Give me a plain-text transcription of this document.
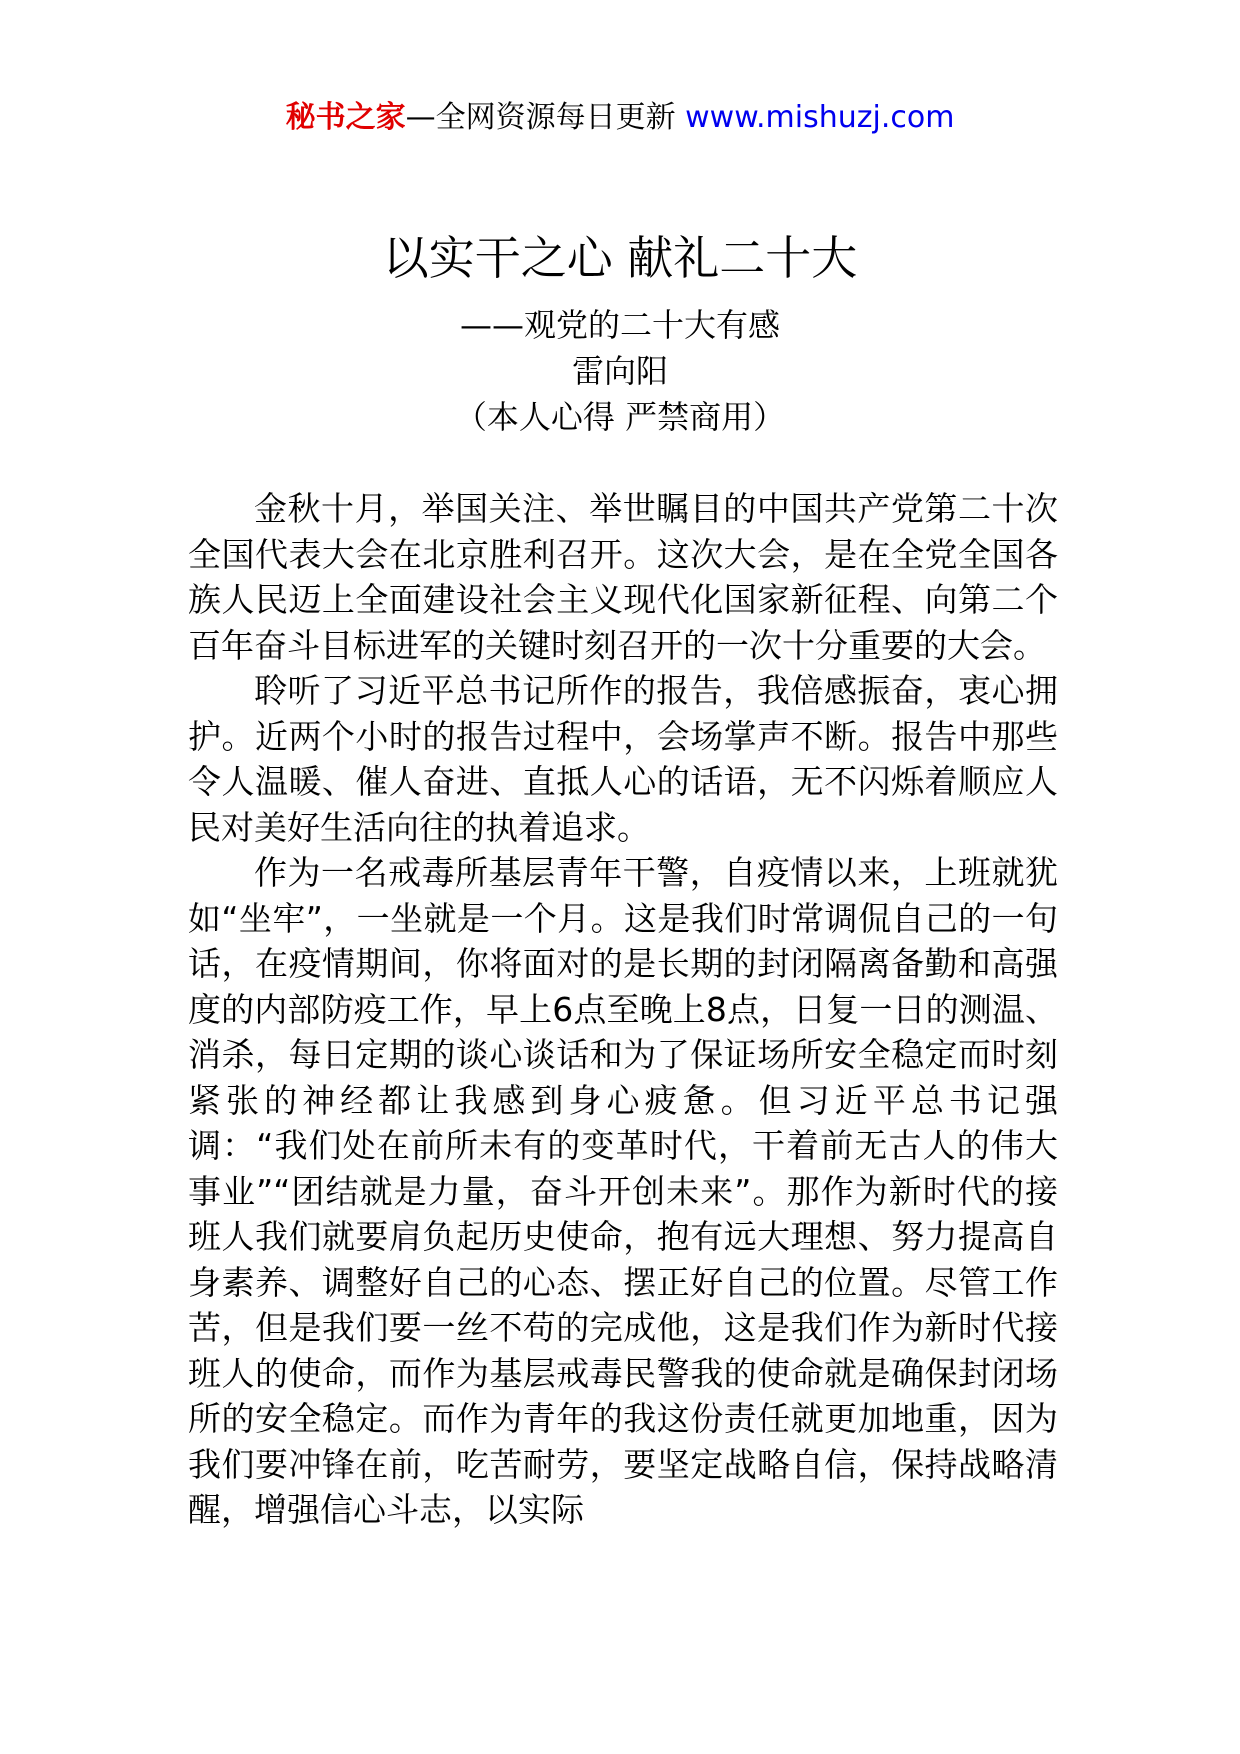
秘书之家—全网资源每日更新 www.mishuzj.com
以实干之心 献礼二十大

——观党的二十大有感

雷向阳

（本人心得 严禁商用）

金秋十月，举国关注、举世瞩目的中国共产党第二十次全国代表大会在北京胜利召开。这次大会，是在全党全国各族人民迈上全面建设社会主义现代化国家新征程、向第二个百年奋斗目标进军的关键时刻召开的一次十分重要的大会。

聆听了习近平总书记所作的报告，我倍感振奋，衷心拥护。近两个小时的报告过程中，会场掌声不断。报告中那些令人温暖、催人奋进、直抵人心的话语，无不闪烁着顺应人民对美好生活向往的执着追求。

作为一名戒毒所基层青年干警，自疫情以来，上班就犹如“坐牢”，一坐就是一个月。这是我们时常调侃自己的一句话，在疫情期间，你将面对的是长期的封闭隔离备勤和高强度的内部防疫工作，早上6点至晚上8点，日复一日的测温、消杀，每日定期的谈心谈话和为了保证场所安全稳定而时刻紧张的神经都让我感到身心疲惫。但习近平总书记强调：“我们处在前所未有的变革时代，干着前无古人的伟大事业”“团结就是力量，奋斗开创未来”。那作为新时代的接班人我们就要肩负起历史使命，抱有远大理想、努力提高自身素养、调整好自己的心态、摆正好自己的位置。尽管工作苦，但是我们要一丝不苟的完成他，这是我们作为新时代接班人的使命，而作为基层戒毒民警我的使命就是确保封闭场所的安全稳定。而作为青年的我这份责任就更加地重，因为我们要冲锋在前，吃苦耐劳，要坚定战略自信，保持战略清醒，增强信心斗志，以实际
